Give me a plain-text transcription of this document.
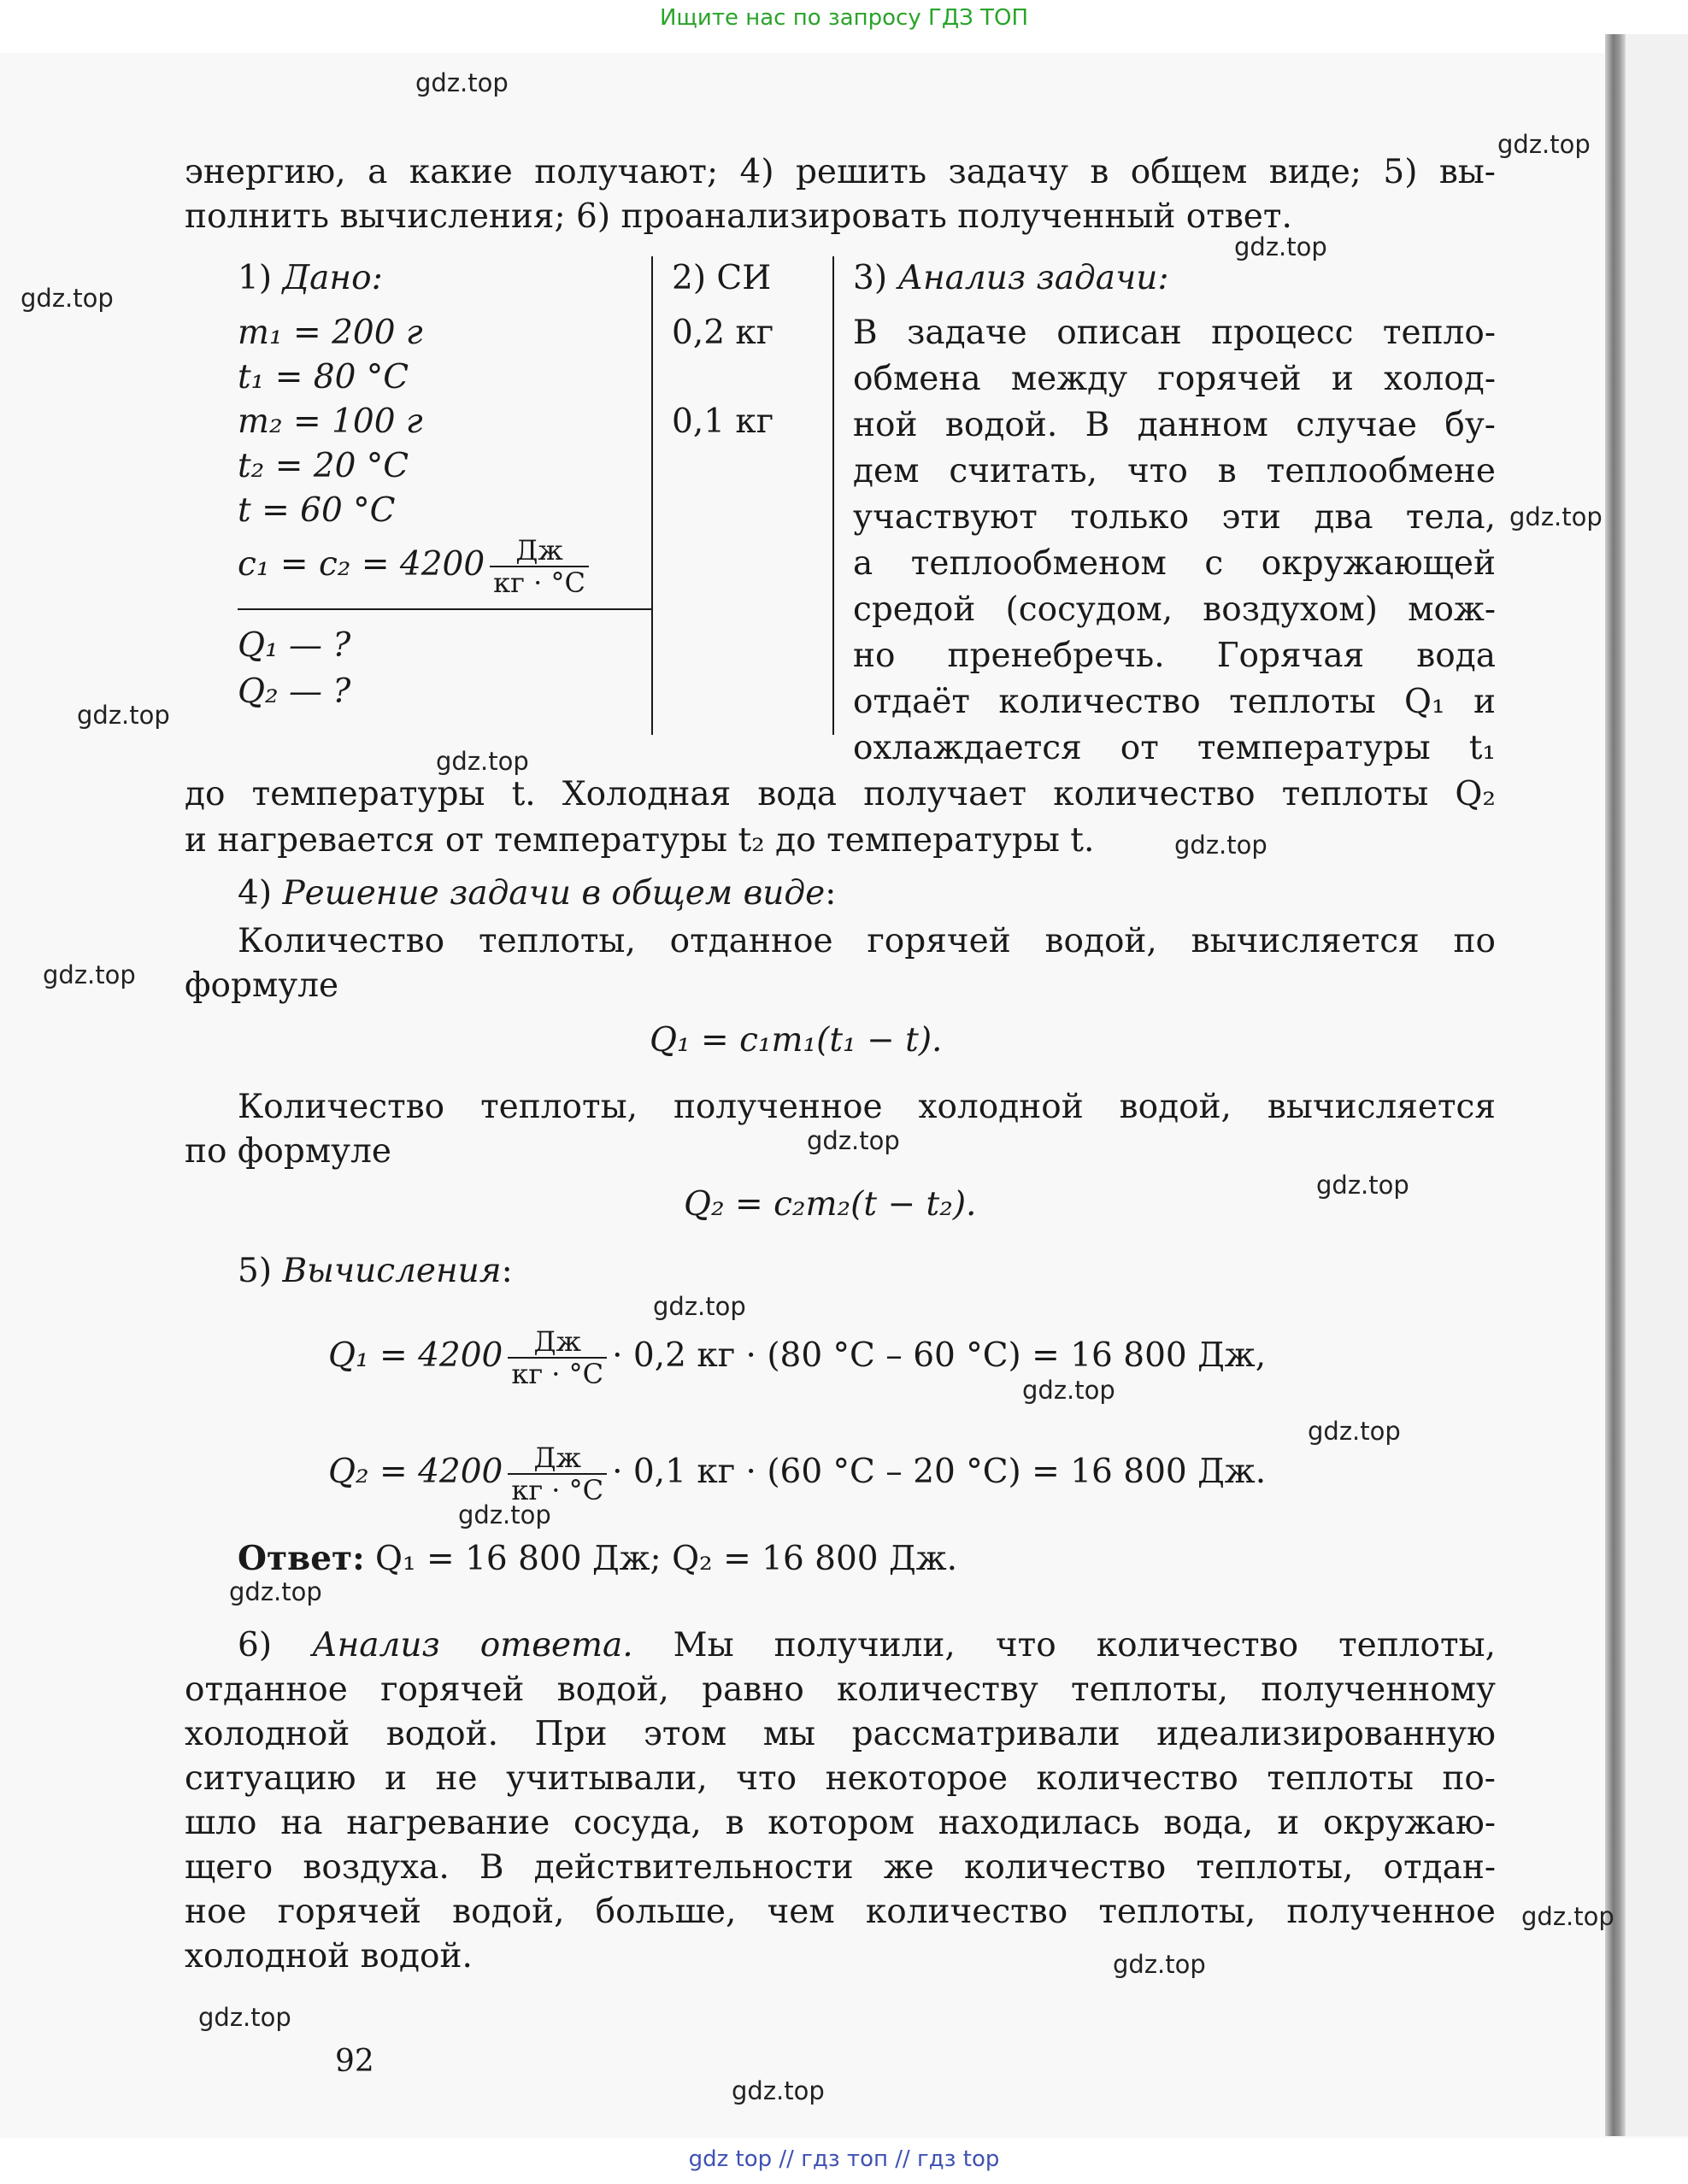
Ищите нас по запросу ГДЗ ТОП
gdz.top
gdz.top
gdz.top
gdz.top
gdz.top
gdz.top
gdz.top
gdz.top
gdz.top
gdz.top
gdz.top
gdz.top
gdz.top
gdz.top
gdz.top
gdz.top
gdz.top
gdz.top
gdz.top
gdz.top
энергию, а какие получают; 4) решить задачу в общем виде; 5) вы-
полнить вычисления; 6) проанализировать полученный ответ.
1) Дано:
m₁ = 200 г
t₁ = 80 °C
m₂ = 100 г
t₂ = 20 °C
t = 60 °C
$c_1 = c_2 = 4200 \frac{Дж}{кг \cdot ^\circ C}$
Q₁ — ?
Q₂ — ?
2) СИ
0,2 кг
0,1 кг
3) Анализ задачи:
В задаче описан процесс тепло-
обмена между горячей и холод-
ной водой. В данном случае бу-
дем считать, что в теплообмене
участвуют только эти два тела,
а теплообменом с окружающей
средой (сосудом, воздухом) мож-
но пренебречь. Горячая вода
отдаёт количество теплоты Q₁ и
охлаждается от температуры t₁
до температуры t. Холодная вода получает количество теплоты Q₂
и нагревается от температуры t₂ до температуры t.
4) Решение задачи в общем виде:
Количество теплоты, отданное горячей водой, вычисляется по
формуле
Q₁ = c₁m₁(t₁ − t).
Количество теплоты, полученное холодной водой, вычисляется
по формуле
Q₂ = c₂m₂(t − t₂).
5) Вычисления:
$Q_1 = 4200 \frac{Дж}{кг \cdot ^\circ C} \cdot 0,2$ кг · (80 °C – 60 °C) = 16 800 Дж,
$Q_2 = 4200 \frac{Дж}{кг \cdot ^\circ C} \cdot 0,1$ кг · (60 °C – 20 °C) = 16 800 Дж.
Ответ: Q₁ = 16 800 Дж; Q₂ = 16 800 Дж.
6) Анализ ответа. Мы получили, что количество теплоты,
отданное горячей водой, равно количеству теплоты, полученному
холодной водой. При этом мы рассматривали идеализированную
ситуацию и не учитывали, что некоторое количество теплоты по-
шло на нагревание сосуда, в котором находилась вода, и окружаю-
щего воздуха. В действительности же количество теплоты, отдан-
ное горячей водой, больше, чем количество теплоты, полученное
холодной водой.
92
gdz top // гдз топ // гдз top
